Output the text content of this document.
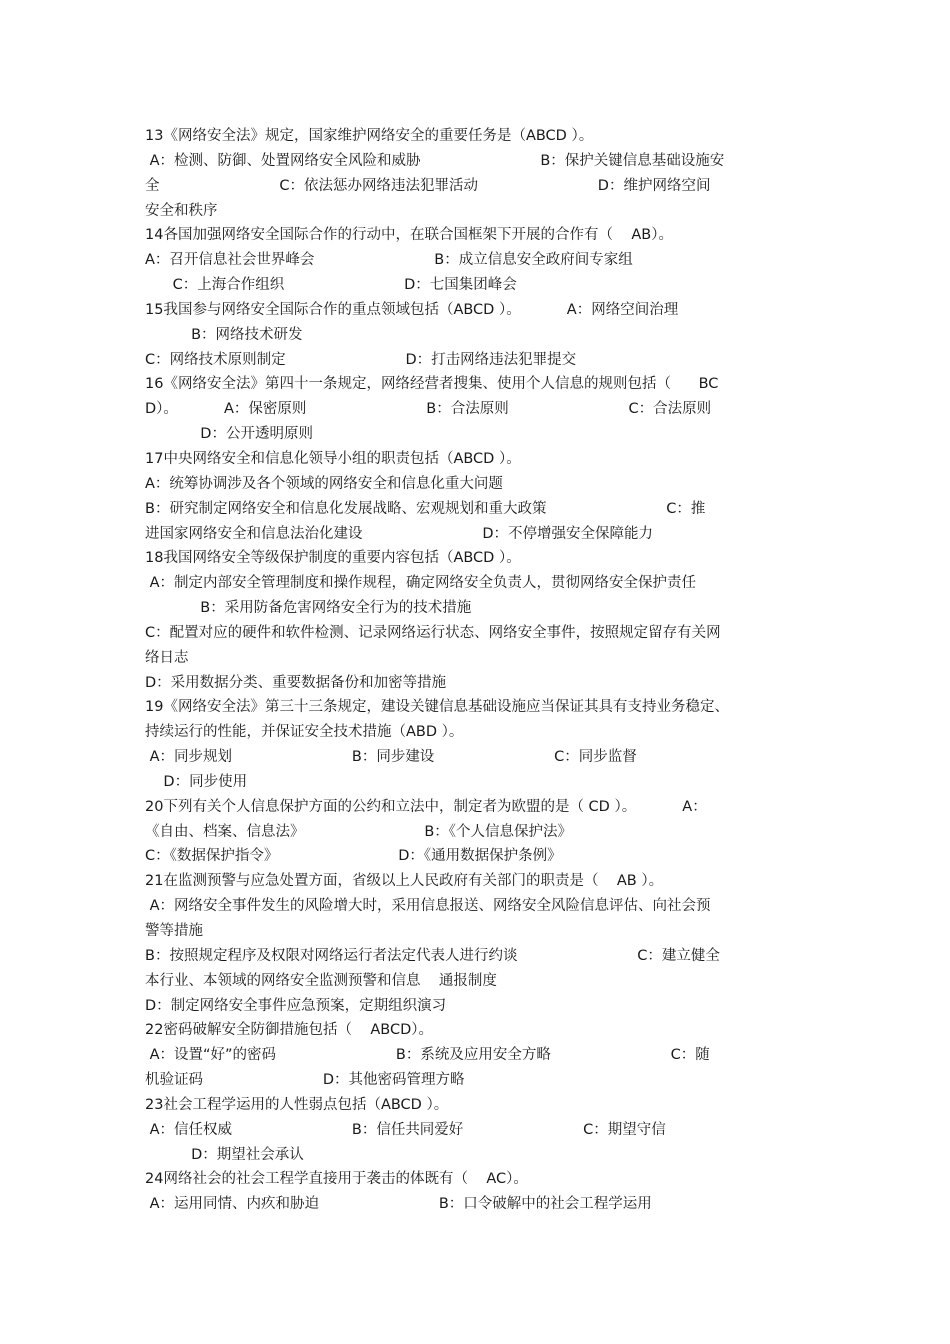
13《网络安全法》规定，国家维护网络安全的重要任务是（ABCD ）。
A：检测、防御、处置网络安全风险和威胁                          B：保护关键信息基础设施安
全                          C：依法惩办网络违法犯罪活动                          D：维护网络空间
安全和秩序
14各国加强网络安全国际合作的行动中，在联合国框架下开展的合作有（    AB）。
A：召开信息社会世界峰会                          B：成立信息安全政府间专家组
C：上海合作组织                          D：七国集团峰会
15我国参与网络安全国际合作的重点领域包括（ABCD ）。          A：网络空间治理
B：网络技术研发
C：网络技术原则制定                          D：打击网络违法犯罪提交
16《网络安全法》第四十一条规定，网络经营者搜集、使用个人信息的规则包括（      BC
D）。          A：保密原则                          B：合法原则                          C：合法原则
D：公开透明原则
17中央网络安全和信息化领导小组的职责包括（ABCD ）。
A：统筹协调涉及各个领域的网络安全和信息化重大问题
B：研究制定网络安全和信息化发展战略、宏观规划和重大政策                          C：推
进国家网络安全和信息法治化建设                          D：不停增强安全保障能力
18我国网络安全等级保护制度的重要内容包括（ABCD ）。
A：制定内部安全管理制度和操作规程，确定网络安全负责人，贯彻网络安全保护责任
B：采用防备危害网络安全行为的技术措施
C：配置对应的硬件和软件检测、记录网络运行状态、网络安全事件，按照规定留存有关网
络日志
D：采用数据分类、重要数据备份和加密等措施
19《网络安全法》第三十三条规定，建设关键信息基础设施应当保证其具有支持业务稳定、
持续运行的性能，并保证安全技术措施（ABD ）。
A：同步规划                          B：同步建设                          C：同步监督
D：同步使用
20下列有关个人信息保护方面的公约和立法中，制定者为欧盟的是（ CD ）。          A：
《自由、档案、信息法》                          B：《个人信息保护法》
C：《数据保护指令》                          D：《通用数据保护条例》
21在监测预警与应急处置方面，省级以上人民政府有关部门的职责是（    AB ）。
A：网络安全事件发生的风险增大时，采用信息报送、网络安全风险信息评估、向社会预
警等措施
B：按照规定程序及权限对网络运行者法定代表人进行约谈                          C：建立健全
本行业、本领域的网络安全监测预警和信息    通报制度
D：制定网络安全事件应急预案，定期组织演习
22密码破解安全防御措施包括（    ABCD）。
A：设置“好”的密码                          B：系统及应用安全方略                          C：随
机验证码                          D：其他密码管理方略
23社会工程学运用的人性弱点包括（ABCD ）。
A：信任权威                          B：信任共同爱好                          C：期望守信
D：期望社会承认
24网络社会的社会工程学直接用于袭击的体既有（    AC）。
A：运用同情、内疚和胁迫                          B：口令破解中的社会工程学运用
